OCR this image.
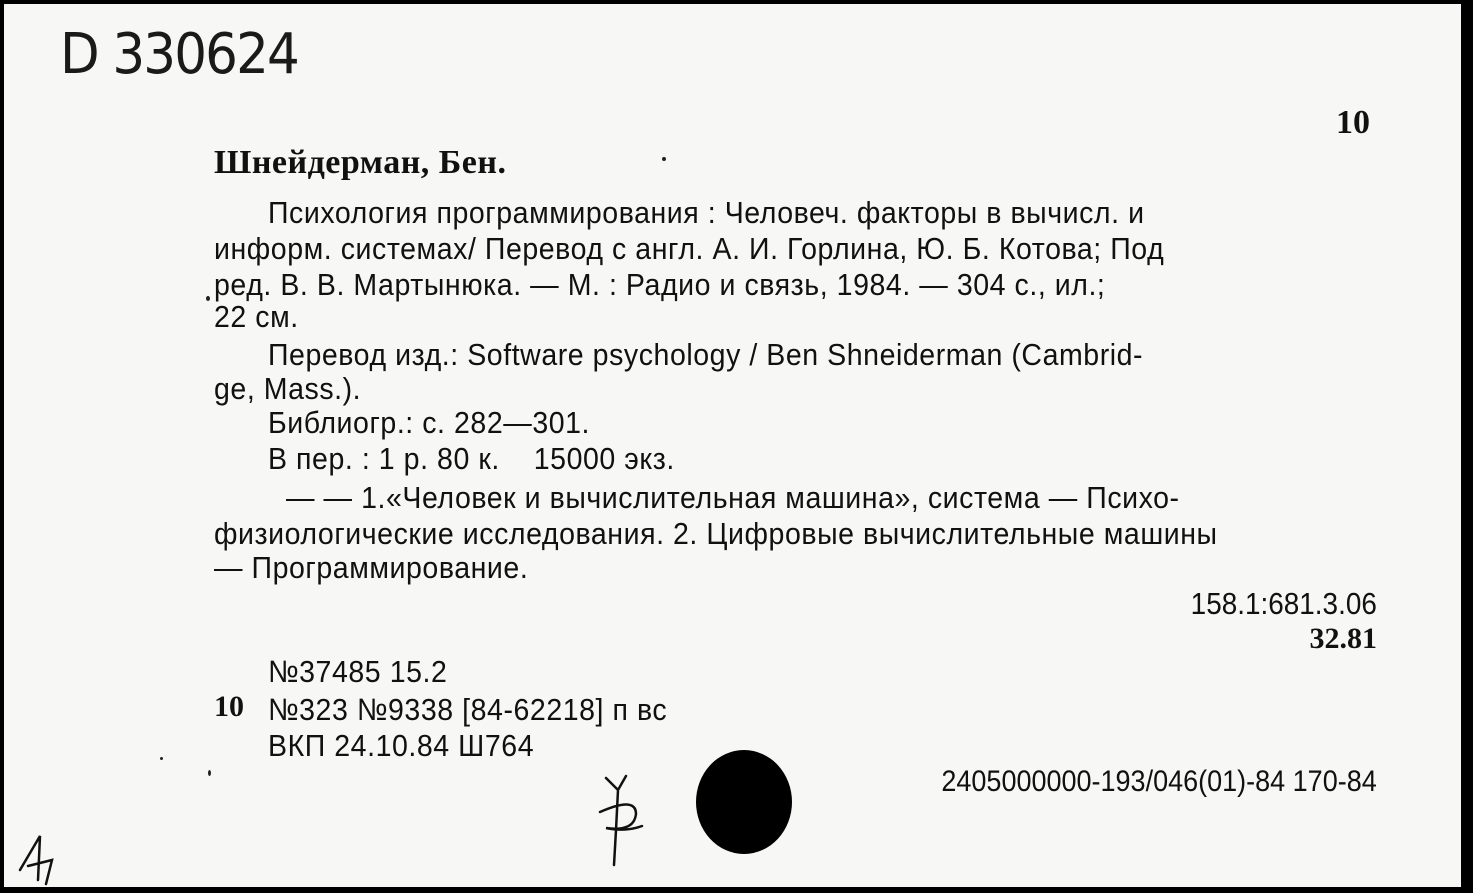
D 330624
10
Шнейдерман, Бен.
Психология программирования : Человеч. факторы в вычисл. и
информ. системах/ Перевод с англ. А. И. Горлина, Ю. Б. Котова; Под
ред. В. В. Мартынюка. — М. : Радио и связь, 1984. — 304 с., ил.;
22 см.
Перевод изд.: Software psychology / Ben Shneiderman (Cambrid-
ge, Mass.).
Библиогр.: с. 282—301.
В пер. : 1 р. 80 к.    15000 экз.
— — 1.«Человек и вычислительная машина», система — Психо-
физиологические исследования. 2. Цифровые вычислительные машины
— Программирование.
158.1:681.3.06
32.81
№37485 15.2
10 №323 №9338 [84-62218] п вс
ВКП 24.10.84 Ш764
2405000000-193/046(01)-84 170-84
